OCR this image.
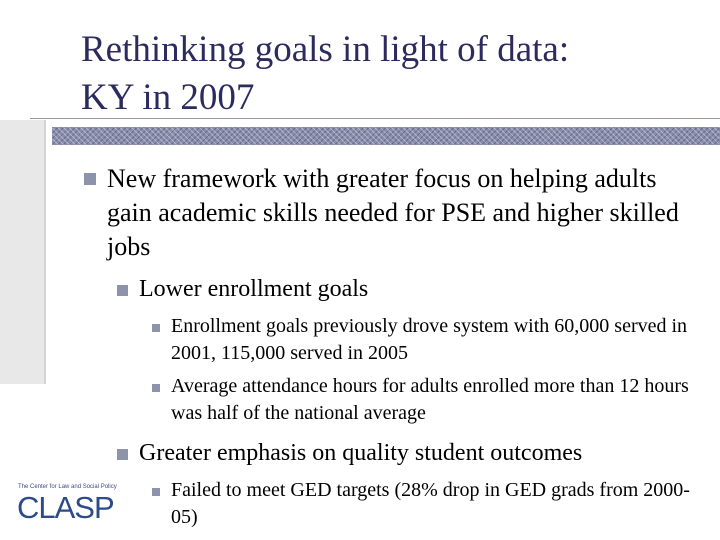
Rethinking goals in light of data:
KY in 2007
New framework with greater focus on helping adults gain academic skills needed for PSE and higher skilled jobs
Lower enrollment goals
Enrollment goals previously drove system with 60,000 served in 2001, 115,000 served in 2005
Average attendance hours for adults enrolled more than 12 hours was half of the national average
Greater emphasis on quality student outcomes
Failed to meet GED targets (28% drop in GED grads from 2000-05)
The Center for Law and Social Policy
CLASP
